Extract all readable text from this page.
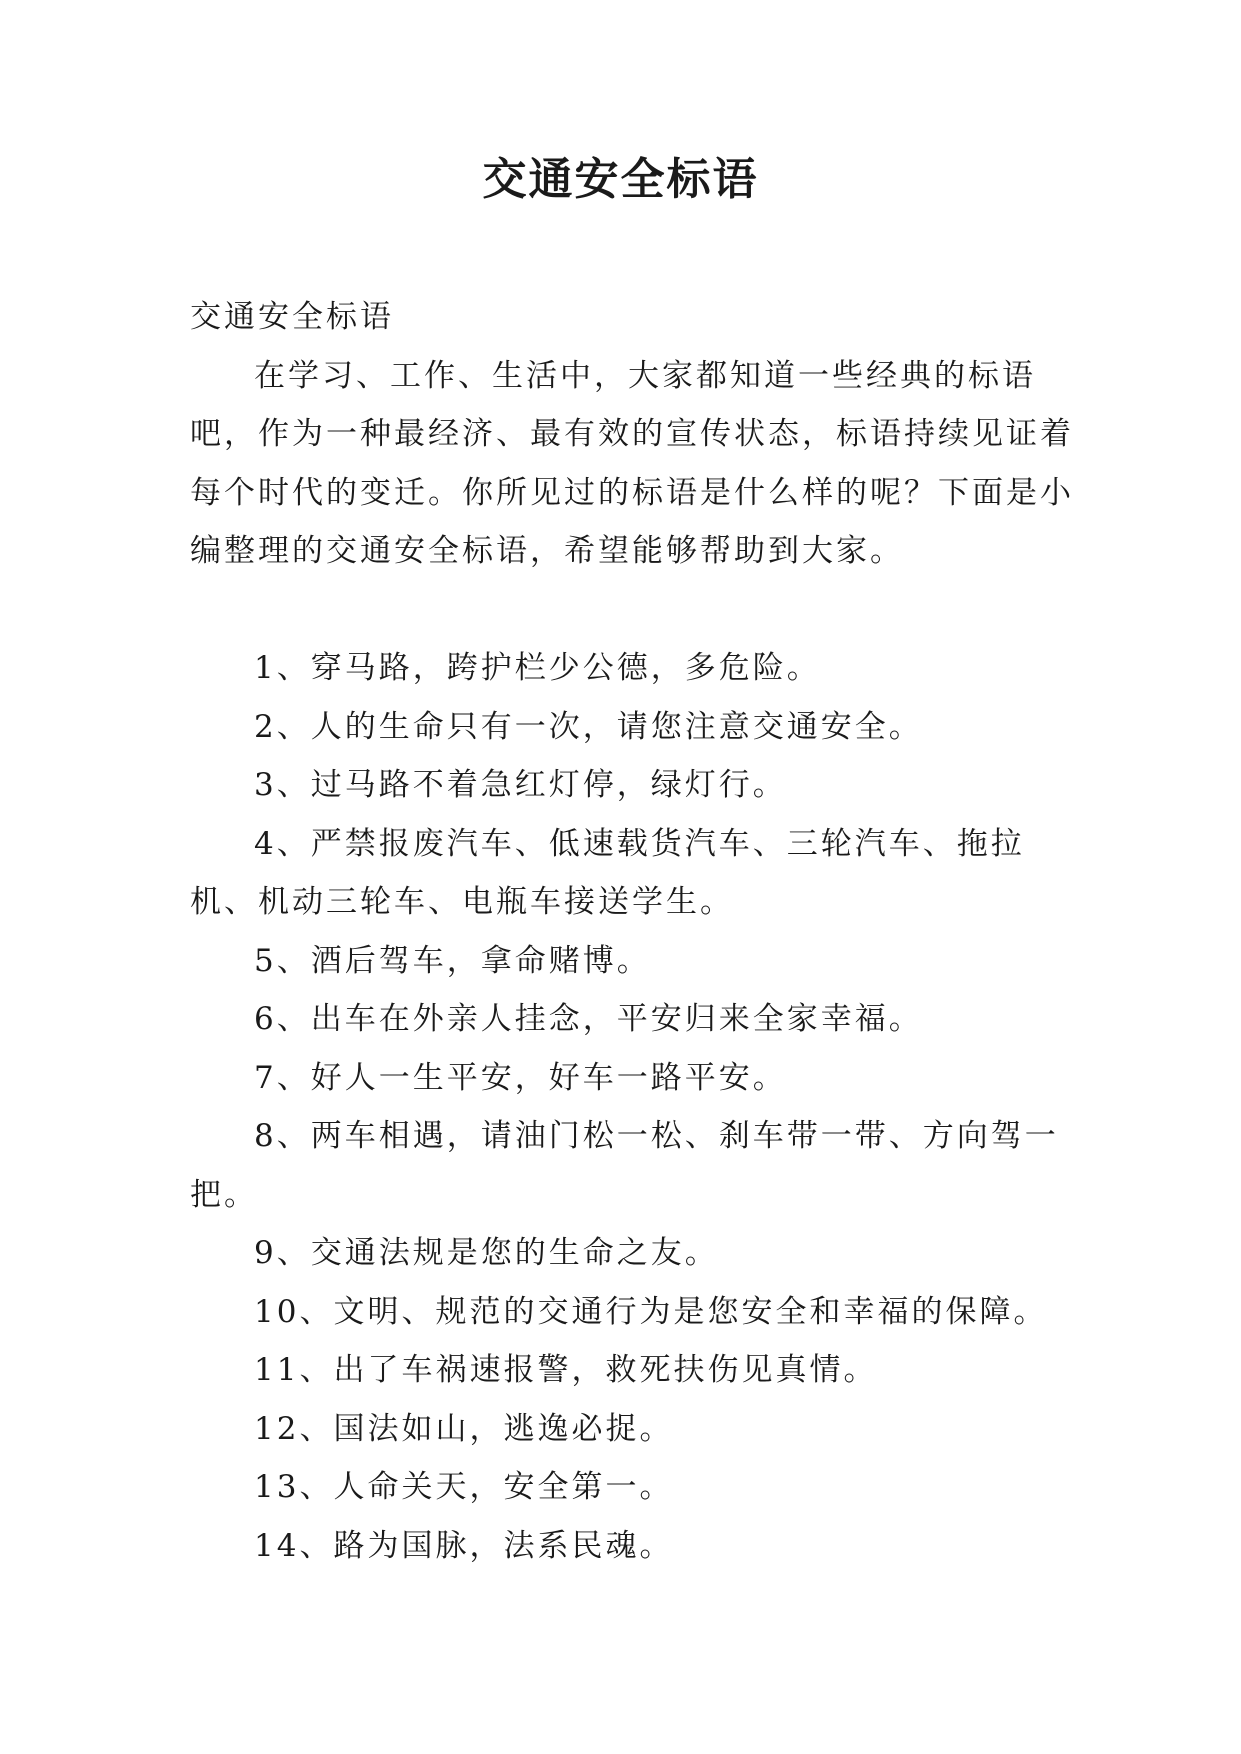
交通安全标语

交通安全标语

在学习、工作、生活中，大家都知道一些经典的标语吧，作为一种最经济、最有效的宣传状态，标语持续见证着每个时代的变迁。你所见过的标语是什么样的呢？下面是小编整理的交通安全标语，希望能够帮助到大家。

1、穿马路，跨护栏少公德，多危险。
2、人的生命只有一次，请您注意交通安全。
3、过马路不着急红灯停，绿灯行。
4、严禁报废汽车、低速载货汽车、三轮汽车、拖拉机、机动三轮车、电瓶车接送学生。
5、酒后驾车，拿命赌博。
6、出车在外亲人挂念，平安归来全家幸福。
7、好人一生平安，好车一路平安。
8、两车相遇，请油门松一松、刹车带一带、方向驾一把。
9、交通法规是您的生命之友。
10、文明、规范的交通行为是您安全和幸福的保障。
11、出了车祸速报警，救死扶伤见真情。
12、国法如山，逃逸必捉。
13、人命关天，安全第一。
14、路为国脉，法系民魂。
